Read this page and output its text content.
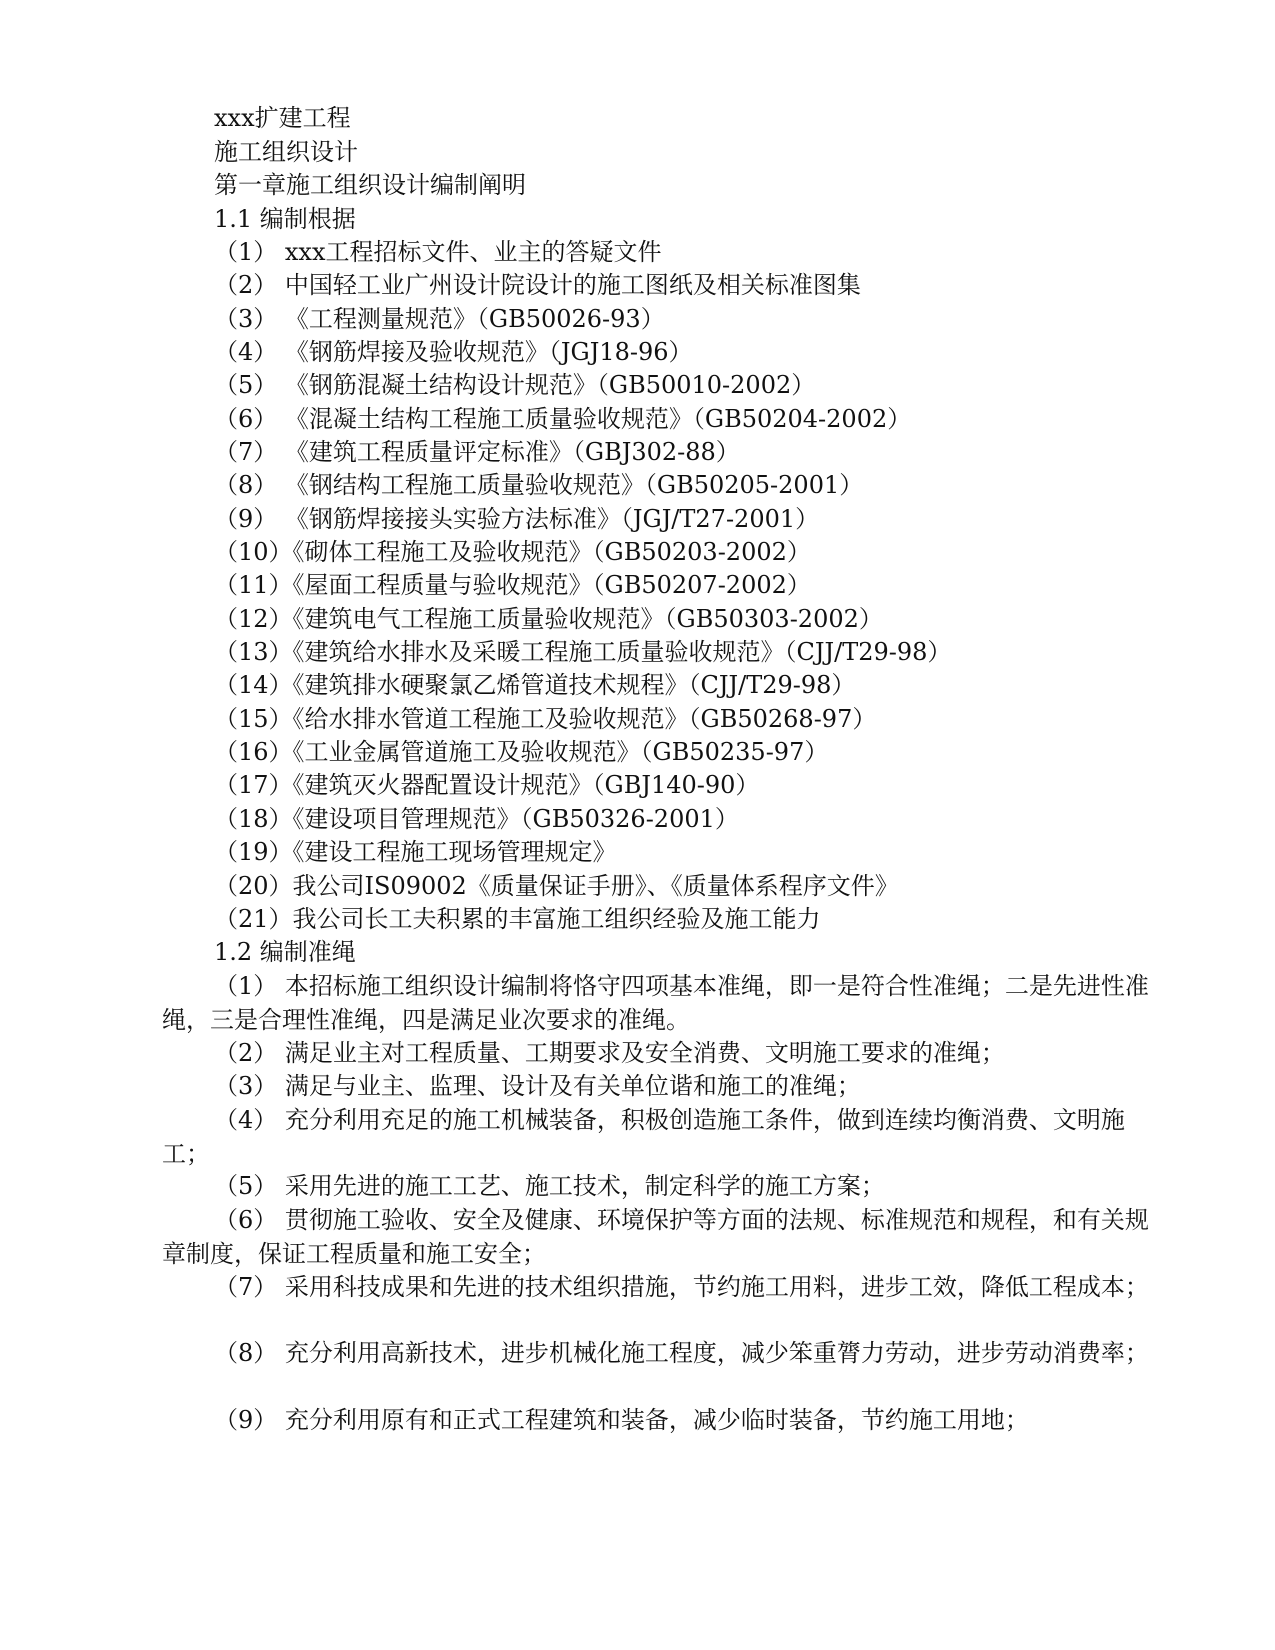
xxx扩建工程
施工组织设计
第一章施工组织设计编制阐明
1.1 编制根据
（1） xxx工程招标文件、业主的答疑文件
（2） 中国轻工业广州设计院设计的施工图纸及相关标准图集
（3） 《工程测量规范》（GB50026-93）
（4） 《钢筋焊接及验收规范》（JGJ18-96）
（5） 《钢筋混凝土结构设计规范》（GB50010-2002）
（6） 《混凝土结构工程施工质量验收规范》（GB50204-2002）
（7） 《建筑工程质量评定标准》（GBJ302-88）
（8） 《钢结构工程施工质量验收规范》（GB50205-2001）
（9） 《钢筋焊接接头实验方法标准》（JGJ/T27-2001）
（10）《砌体工程施工及验收规范》（GB50203-2002）
（11）《屋面工程质量与验收规范》（GB50207-2002）
（12）《建筑电气工程施工质量验收规范》（GB50303-2002）
（13）《建筑给水排水及采暖工程施工质量验收规范》（CJJ/T29-98）
（14）《建筑排水硬聚氯乙烯管道技术规程》（CJJ/T29-98）
（15）《给水排水管道工程施工及验收规范》（GB50268-97）
（16）《工业金属管道施工及验收规范》（GB50235-97）
（17）《建筑灭火器配置设计规范》（GBJ140-90）
（18）《建设项目管理规范》（GB50326-2001）
（19）《建设工程施工现场管理规定》
（20）我公司IS09002《质量保证手册》、《质量体系程序文件》
（21）我公司长工夫积累的丰富施工组织经验及施工能力
1.2 编制准绳
（1） 本招标施工组织设计编制将恪守四项基本准绳，即一是符合性准绳；二是先进性准绳，三是合理性准绳，四是满足业次要求的准绳。
（2） 满足业主对工程质量、工期要求及安全消费、文明施工要求的准绳；
（3） 满足与业主、监理、设计及有关单位谐和施工的准绳；
（4） 充分利用充足的施工机械装备，积极创造施工条件，做到连续均衡消费、文明施工；
（5） 采用先进的施工工艺、施工技术，制定科学的施工方案；
（6） 贯彻施工验收、安全及健康、环境保护等方面的法规、标准规范和规程，和有关规章制度，保证工程质量和施工安全；
（7） 采用科技成果和先进的技术组织措施，节约施工用料，进步工效，降低工程成本；
（8） 充分利用高新技术，进步机械化施工程度，减少笨重膂力劳动，进步劳动消费率；
（9） 充分利用原有和正式工程建筑和装备，减少临时装备，节约施工用地；
